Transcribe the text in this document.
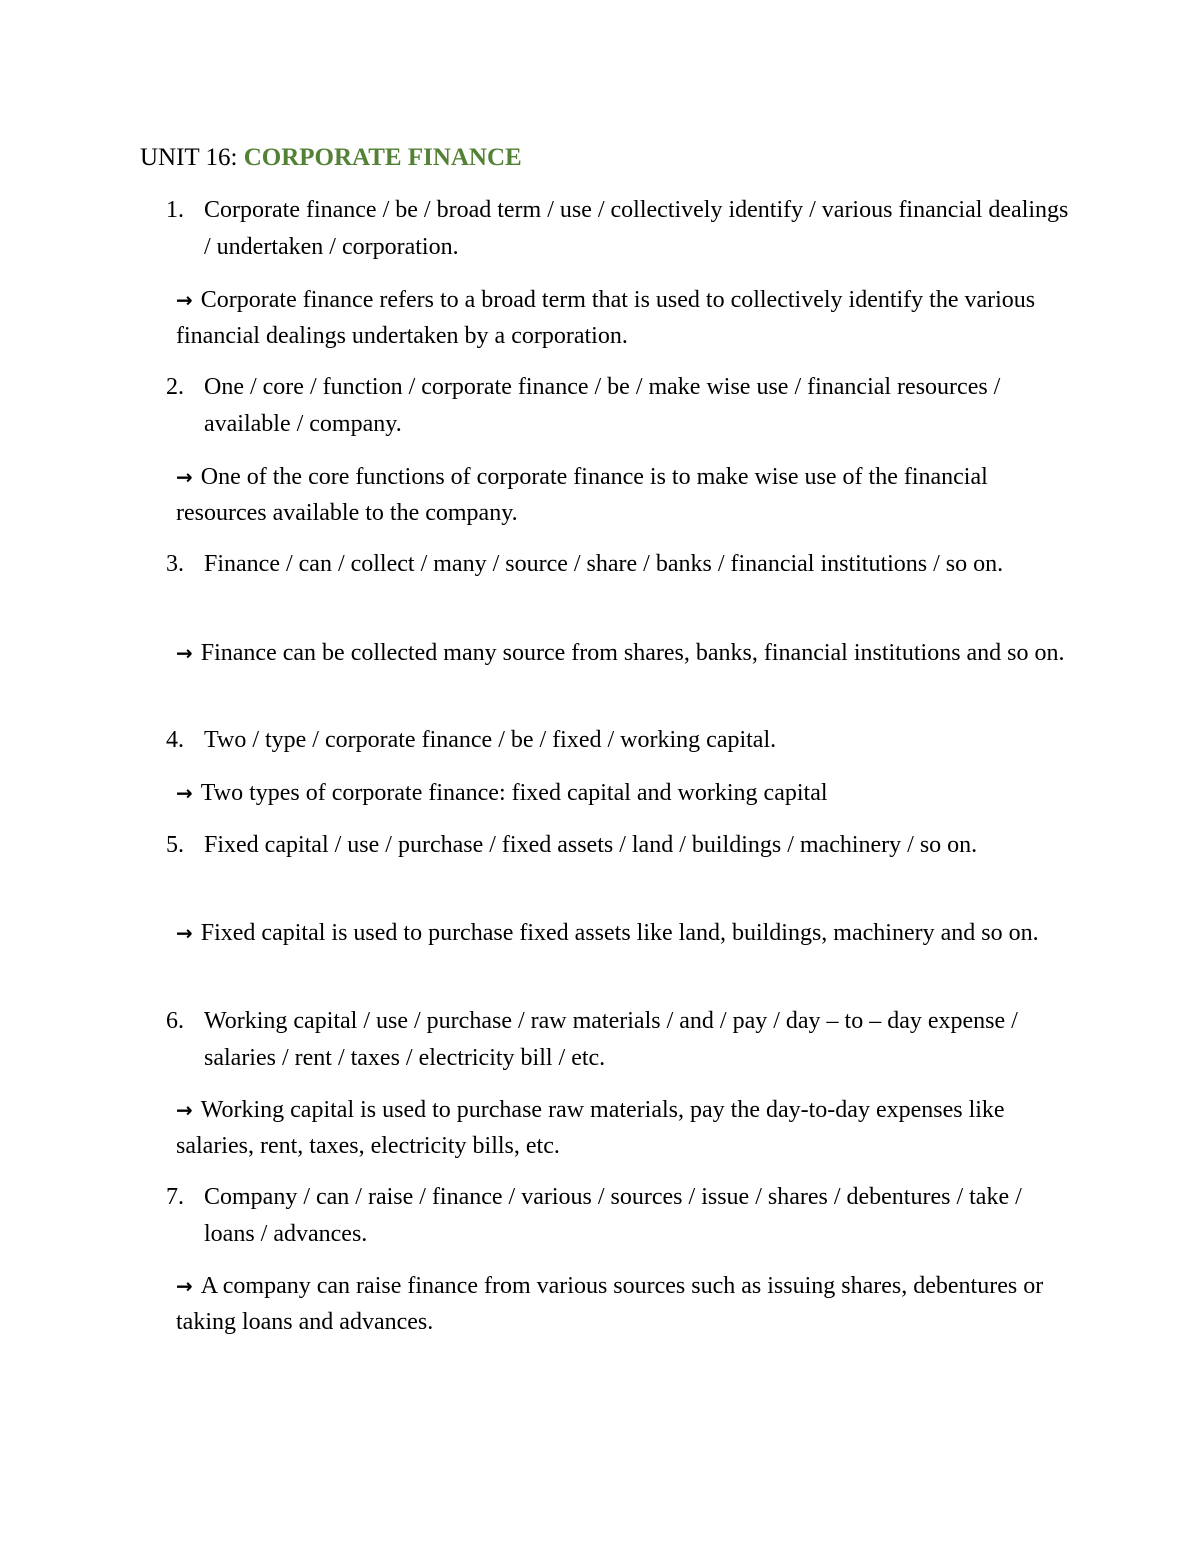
UNIT 16: CORPORATE FINANCE
1. Corporate finance / be / broad term / use / collectively identify / various financial dealings / undertaken / corporation.
→ Corporate finance refers to a broad term that is used to collectively identify the various financial dealings undertaken by a corporation.
2. One / core / function / corporate finance / be / make wise use / financial resources / available / company.
→ One of the core functions of corporate finance is to make wise use of the financial resources available to the company.
3. Finance / can / collect / many / source / share / banks / financial institutions / so on.
→ Finance can be collected many source from shares, banks, financial institutions and so on.
4. Two / type / corporate finance / be / fixed / working capital.
→ Two types of corporate finance: fixed capital and working capital
5. Fixed capital / use / purchase / fixed assets / land / buildings / machinery / so on.
→ Fixed capital is used to purchase fixed assets like land, buildings, machinery and so on.
6. Working capital / use / purchase / raw materials / and / pay / day – to – day expense / salaries / rent / taxes / electricity bill / etc.
→ Working capital is used to purchase raw materials, pay the day-to-day expenses like salaries, rent, taxes, electricity bills, etc.
7. Company / can / raise / finance / various / sources / issue / shares / debentures / take / loans / advances.
→ A company can raise finance from various sources such as issuing shares, debentures or taking loans and advances.
